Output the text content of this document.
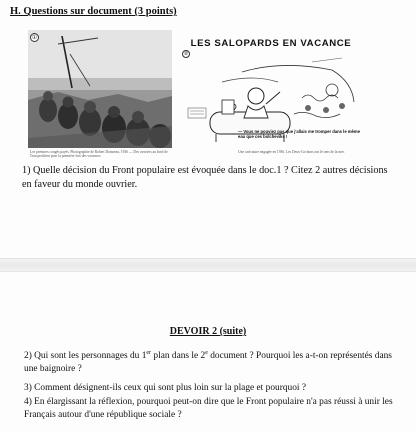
H. Questions sur document (3 points)
①
Les premiers congés payés. Photographie de Robert Doisneau, 1936 — Des ouvriers au bord de l'eau profitent pour la première fois des vacances.
LES SALOPARDS EN VACANCE
②
— Vous ne pouviez pas que j'allais me tromper dans le même eau que ces bolcheviks !
Une caricature engagée en 1936. Les Deux-Cochons ont le sens de la mer.
1) Quelle décision du Front populaire est évoquée dans le doc.1 ? Citez 2 autres décisions en faveur du monde ouvrier.
DEVOIR 2 (suite)
2) Qui sont les personnages du 1er plan dans le 2e document ? Pourquoi les a-t-on représentés dans une baignoire ?
3) Comment désignent-ils ceux qui sont plus loin sur la plage et pourquoi ?
4) En élargissant la réflexion, pourquoi peut-on dire que le Front populaire n'a pas réussi à unir les Français autour d'une république sociale ?
